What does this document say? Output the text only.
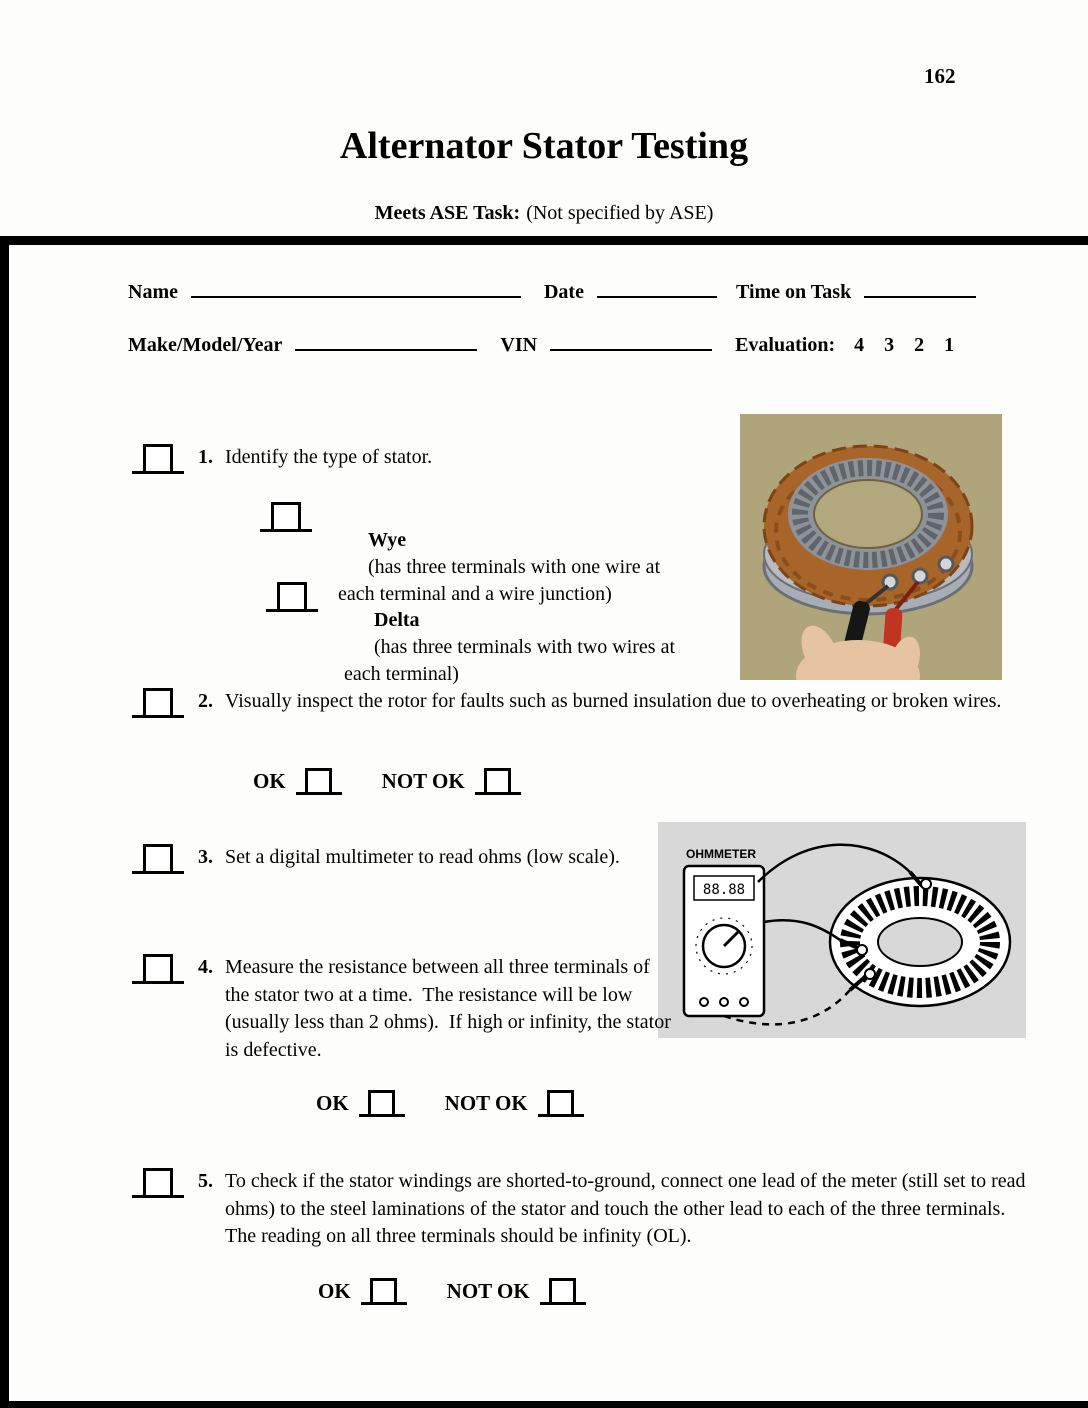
162
Alternator Stator Testing
Meets ASE Task: (Not specified by ASE)
Name	Date	Time on Task
Make/Model/Year	VIN	Evaluation: 4    3    2    1
1. Identify the type of stator.

Wye
(has three terminals with one wire at each terminal and a wire junction)

Delta
(has three terminals with two wires at each terminal)

2. Visually inspect the rotor for faults such as burned insulation due to overheating or broken wires.
OK	NOT OK
3. Set a digital multimeter to read ohms (low scale).	OHMMETER
88.88
4. Measure the resistance between all three terminals of the stator two at a time.  The resistance will be low (usually less than 2 ohms).  If high or infinity, the stator is defective.
OK	NOT OK
5. To check if the stator windings are shorted-to-ground, connect one lead of the meter (still set to read ohms) to the steel laminations of the stator and touch the other lead to each of the three terminals.  The reading on all three terminals should be infinity (OL).
OK	NOT OK
